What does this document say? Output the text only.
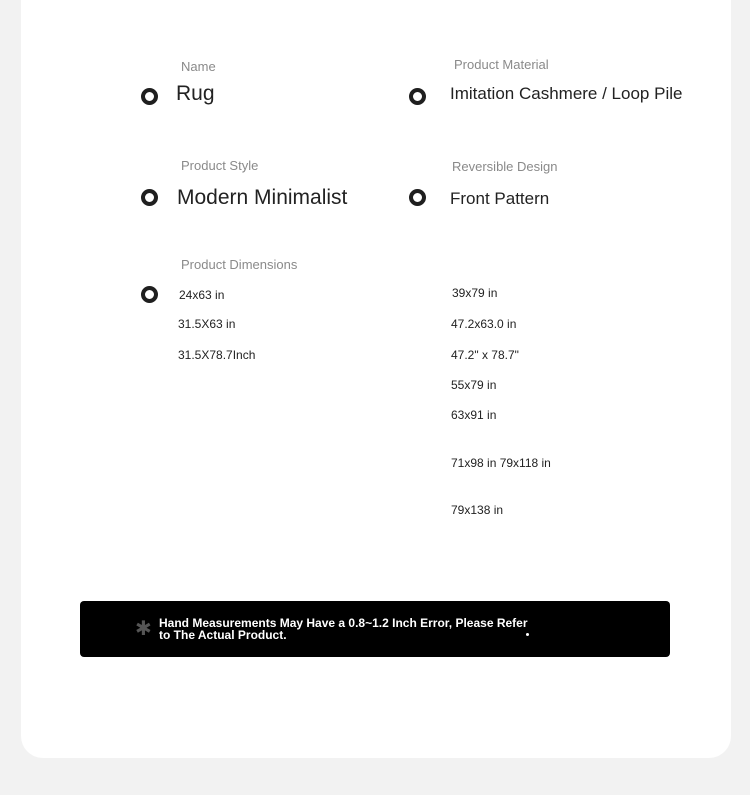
Name
Rug
Product Material
Imitation Cashmere / Loop Pile
Product Style
Modern Minimalist
Reversible Design
Front Pattern
Product Dimensions
24x63 in
31.5X63 in
31.5X78.7Inch
39x79 in
47.2x63.0 in
47.2" x 78.7"
55x79 in
63x91 in
71x98 in 79x118 in
79x138 in
✱ Hand Measurements May Have a 0.8~1.2 Inch Error, Please Refer to The Actual Product.
